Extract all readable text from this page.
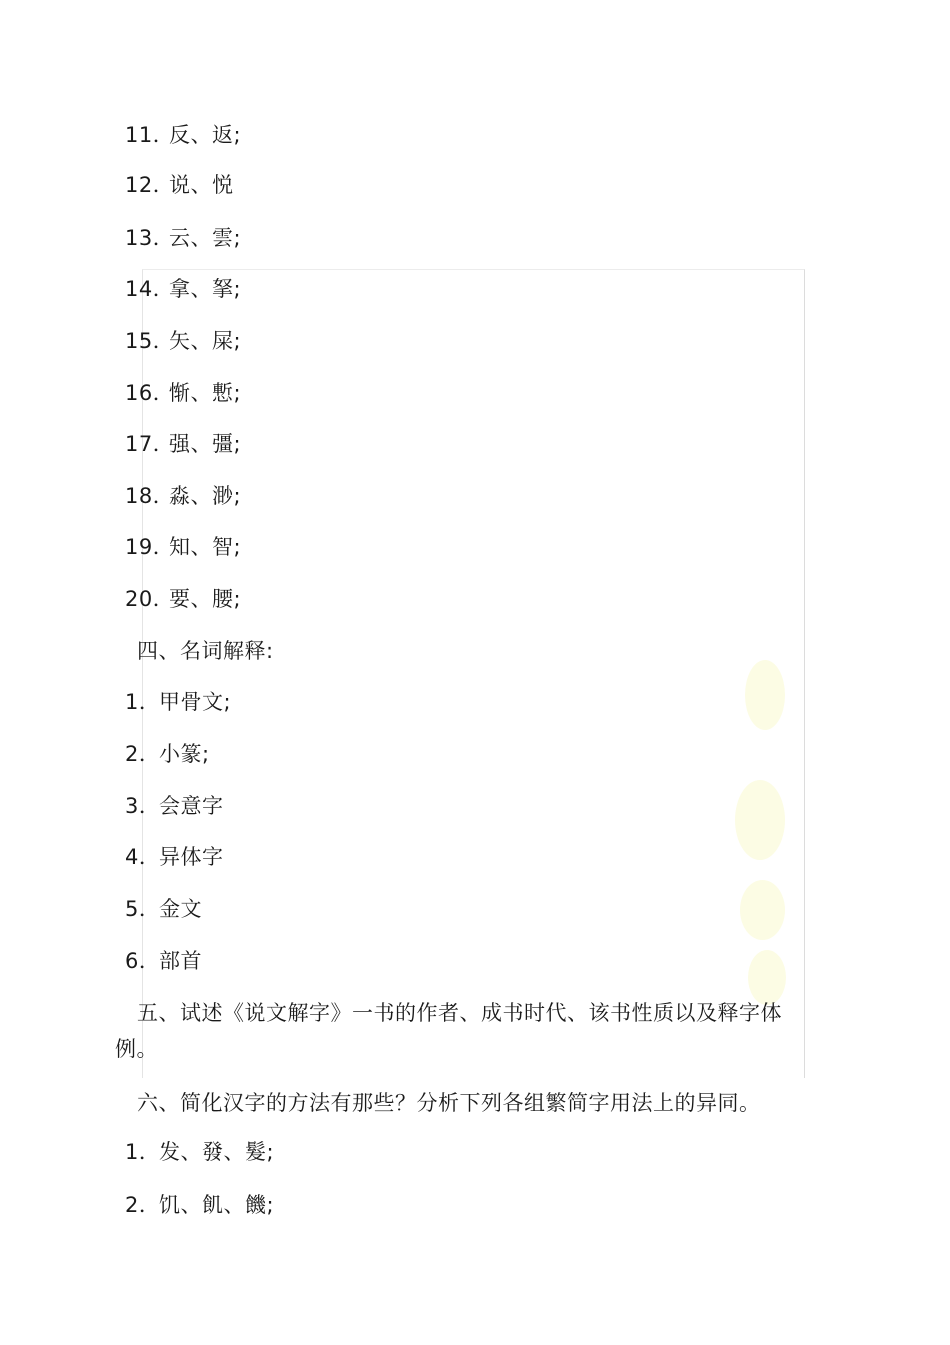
11．反、返;
12．说、悦
13．云、雲;
14．拿、拏;
15．矢、屎;
16．惭、慙;
17．强、彊;
18．淼、渺;
19．知、智;
20．要、腰;
四、名词解释:
1．甲骨文;
2．小篆;
3．会意字
4．异体字
5．金文
6．部首
五、试述《说文解字》一书的作者、成书时代、该书性质以及释字体例。
六、简化汉字的方法有那些？分析下列各组繁简字用法上的异同。
1．发、發、髮;
2．饥、飢、饑;
